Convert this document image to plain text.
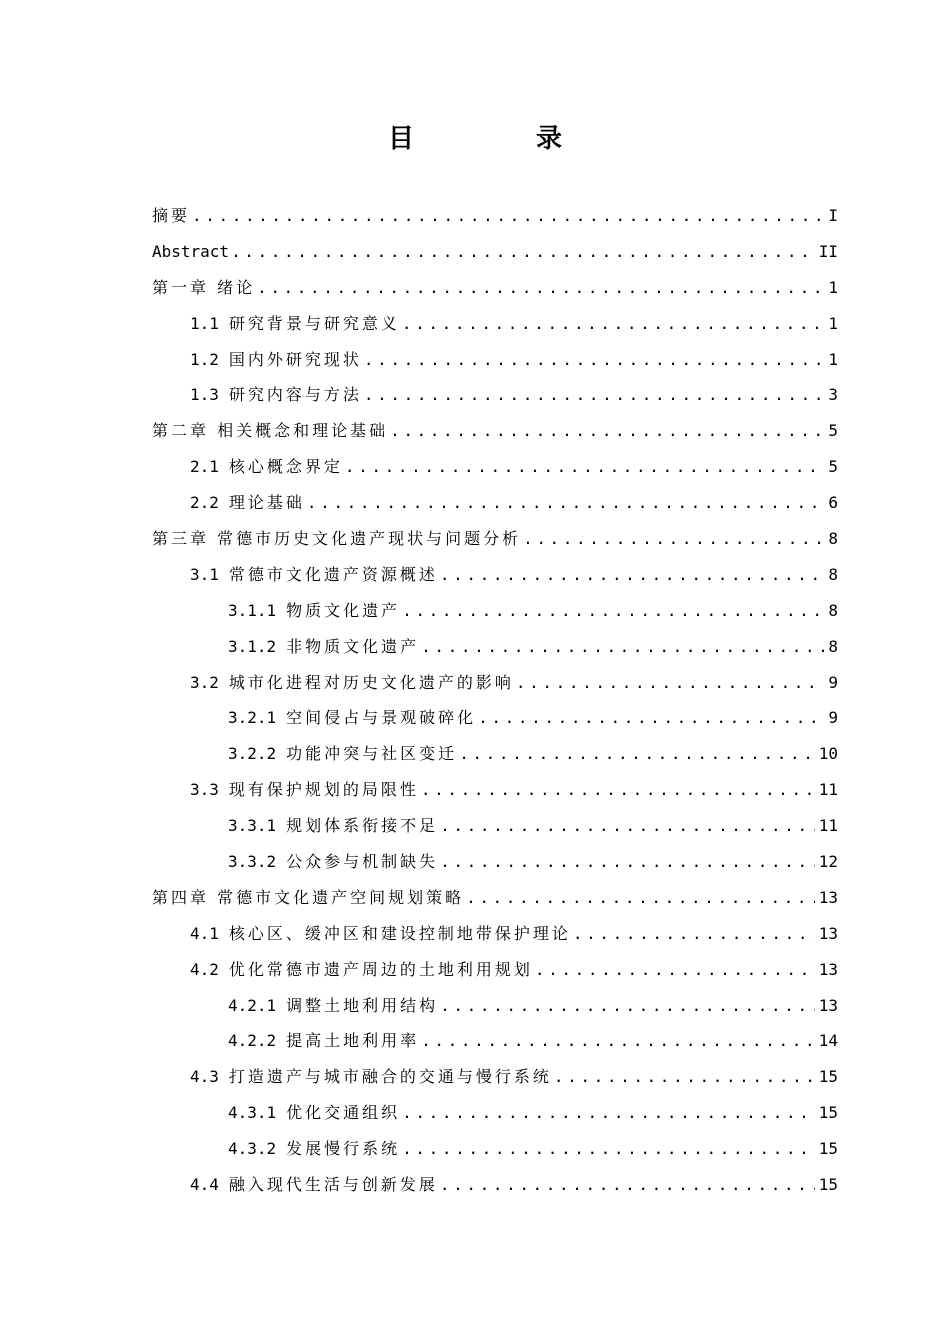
目　录
摘要 .....	I
Abstract .....	II
第一章 绪论 .....	1
1.1 研究背景与研究意义 .....	1
1.2 国内外研究现状 .....	1
1.3 研究内容与方法 .....	3
第二章 相关概念和理论基础 .....	5
2.1 核心概念界定 .....	5
2.2 理论基础 .....	6
第三章 常德市历史文化遗产现状与问题分析 .....	8
3.1 常德市文化遗产资源概述 .....	8
3.1.1 物质文化遗产 .....	8
3.1.2 非物质文化遗产 .....	8
3.2 城市化进程对历史文化遗产的影响 .....	9
3.2.1 空间侵占与景观破碎化 .....	9
3.2.2 功能冲突与社区变迁 .....	10
3.3 现有保护规划的局限性 .....	11
3.3.1 规划体系衔接不足 .....	11
3.3.2 公众参与机制缺失 .....	12
第四章 常德市文化遗产空间规划策略 .....	13
4.1 核心区、缓冲区和建设控制地带保护理论 .....	13
4.2 优化常德市遗产周边的土地利用规划 .....	13
4.2.1 调整土地利用结构 .....	13
4.2.2 提高土地利用率 .....	14
4.3 打造遗产与城市融合的交通与慢行系统 .....	15
4.3.1 优化交通组织 .....	15
4.3.2 发展慢行系统 .....	15
4.4 融入现代生活与创新发展 .....	15
